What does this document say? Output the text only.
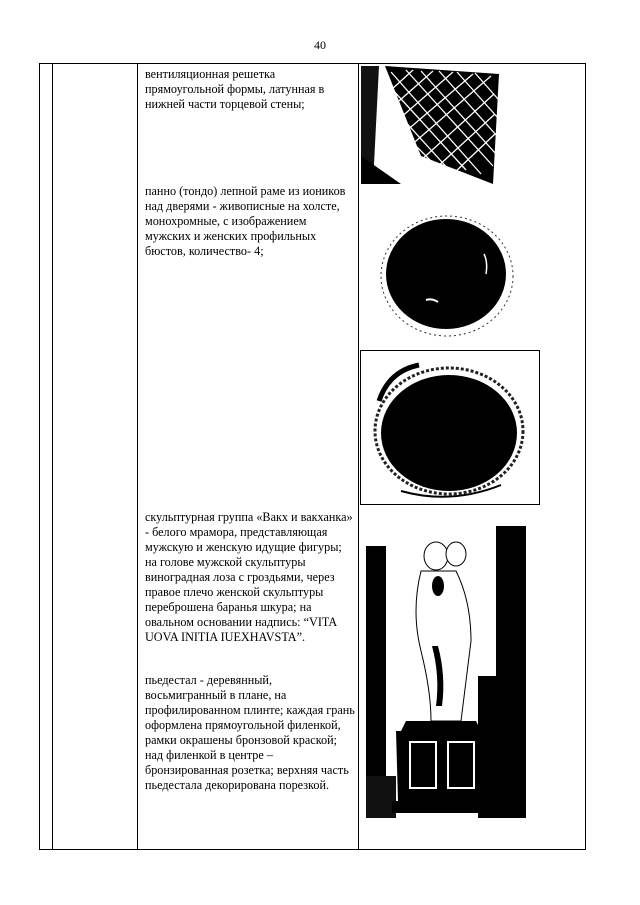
40
вентиляционная решетка прямоугольной формы, латунная в нижней части торцевой стены;
панно (тондо) лепной раме из иоников над дверями - живописные на холсте, монохромные, с изображением мужских и женских профильных бюстов, количество- 4;
скульптурная группа «Вакх и вакханка» - белого мрамора, представляющая мужскую и женскую идущие фигуры; на голове мужской скульптуры виноградная лоза с гроздьями, через правое плечо женской скульптуры переброшена баранья шкура; на овальном основании надпись: “VITA UOVA INITIA IUEXHAVSTA”.
пьедестал - деревянный, восьмигранный в плане, на профилированном плинте; каждая грань оформлена прямоугольной филенкой, рамки окрашены бронзовой краской; над филенкой в центре – бронзированная розетка; верхняя часть пьедестала декорирована порезкой.
